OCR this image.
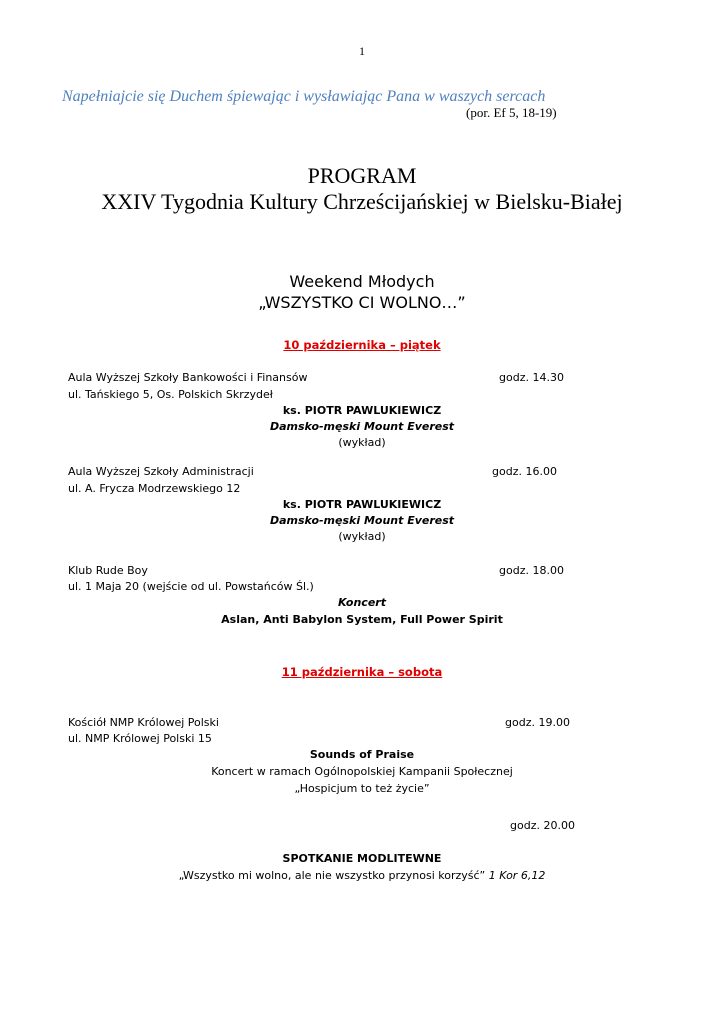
1
Napełniajcie się Duchem śpiewając i wysławiając Pana w waszych sercach
(por. Ef 5, 18-19)
PROGRAM
XXIV Tygodnia Kultury Chrześcijańskiej w Bielsku-Białej
Weekend Młodych
„WSZYSTKO CI WOLNO…”
10 października – piątek
Aula Wyższej Szkoły Bankowości i Finansów	godz. 14.30
ul. Tańskiego 5, Os. Polskich Skrzydeł
ks. PIOTR PAWLUKIEWICZ
Damsko-męski Mount Everest
(wykład)
Aula Wyższej Szkoły Administracji	godz. 16.00
ul. A. Frycza Modrzewskiego 12
ks. PIOTR PAWLUKIEWICZ
Damsko-męski Mount Everest
(wykład)
Klub Rude Boy	godz. 18.00
ul. 1 Maja 20 (wejście od ul. Powstańców Śl.)
Koncert
Aslan, Anti Babylon System, Full Power Spirit
11 października – sobota
Kościół NMP Królowej Polski	godz. 19.00
ul. NMP Królowej Polski 15
Sounds of Praise
Koncert w ramach Ogólnopolskiej Kampanii Społecznej
„Hospicjum to też życie”
godz. 20.00
SPOTKANIE MODLITEWNE
„Wszystko mi wolno, ale nie wszystko przynosi korzyść” 1 Kor 6,12
